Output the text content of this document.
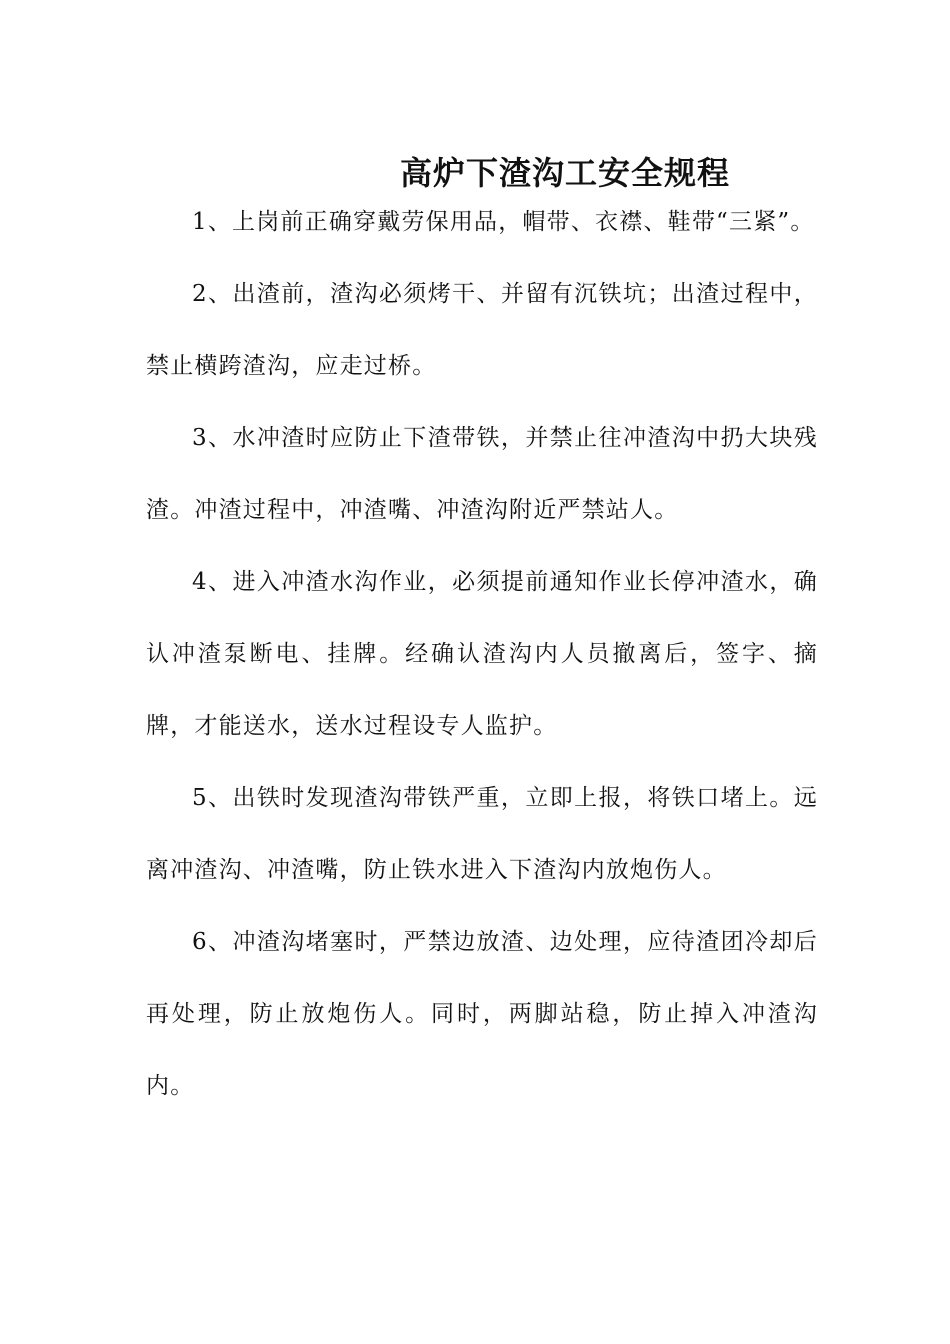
高炉下渣沟工安全规程

1、上岗前正确穿戴劳保用品，帽带、衣襟、鞋带“三紧”。

2、出渣前，渣沟必须烤干、并留有沉铁坑；出渣过程中，禁止横跨渣沟，应走过桥。

3、水冲渣时应防止下渣带铁，并禁止往冲渣沟中扔大块残渣。冲渣过程中，冲渣嘴、冲渣沟附近严禁站人。

4、进入冲渣水沟作业，必须提前通知作业长停冲渣水，确认冲渣泵断电、挂牌。经确认渣沟内人员撤离后，签字、摘牌，才能送水，送水过程设专人监护。

5、出铁时发现渣沟带铁严重，立即上报，将铁口堵上。远离冲渣沟、冲渣嘴，防止铁水进入下渣沟内放炮伤人。

6、冲渣沟堵塞时，严禁边放渣、边处理，应待渣团冷却后再处理，防止放炮伤人。同时，两脚站稳，防止掉入冲渣沟内。
